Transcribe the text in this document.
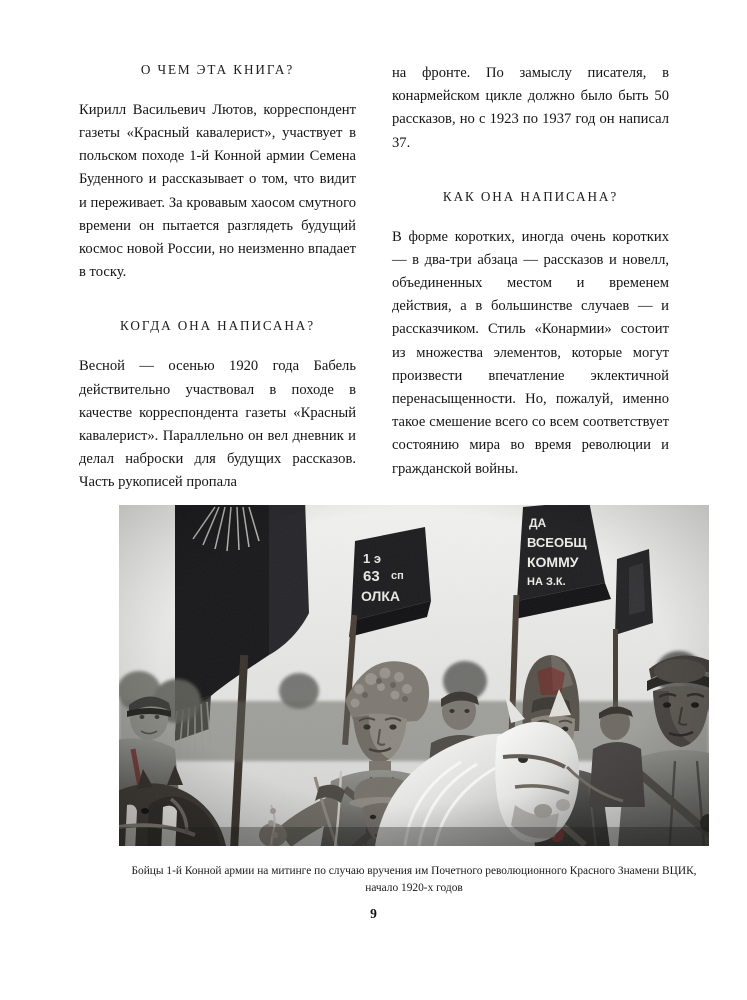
О ЧЕМ ЭТА КНИГА?

Кирилл Васильевич Лютов, корреспондент газеты «Красный кавалерист», участвует в польском походе 1-й Конной армии Семена Буденного и рассказывает о том, что видит и переживает. За кровавым хаосом смутного времени он пытается разглядеть будущий космос новой России, но неизменно впадает в тоску.

КОГДА ОНА НАПИСАНА?

Весной — осенью 1920 года Бабель действительно участвовал в походе в качестве корреспондента газеты «Красный кавалерист». Параллельно он вел дневник и делал наброски для будущих рассказов. Часть рукописей пропала

на фронте. По замыслу писателя, в конармейском цикле должно было быть 50 рассказов, но с 1923 по 1937 год он написал 37.

КАК ОНА НАПИСАНА?

В форме коротких, иногда очень коротких — в два-три абзаца — рассказов и новелл, объединенных местом и временем действия, а в большинстве случаев — и рассказчиком. Стиль «Конармии» состоит из множества элементов, которые могут произвести впечатление эклектичной перенасыщенности. Но, пожалуй, именно такое смешение всего со всем соответствует состоянию мира во время революции и гражданской войны.

Бойцы 1-й Конной армии на митинге по случаю вручения им Почетного революционного Красного Знамени ВЦИК, начало 1920-х годов
9
